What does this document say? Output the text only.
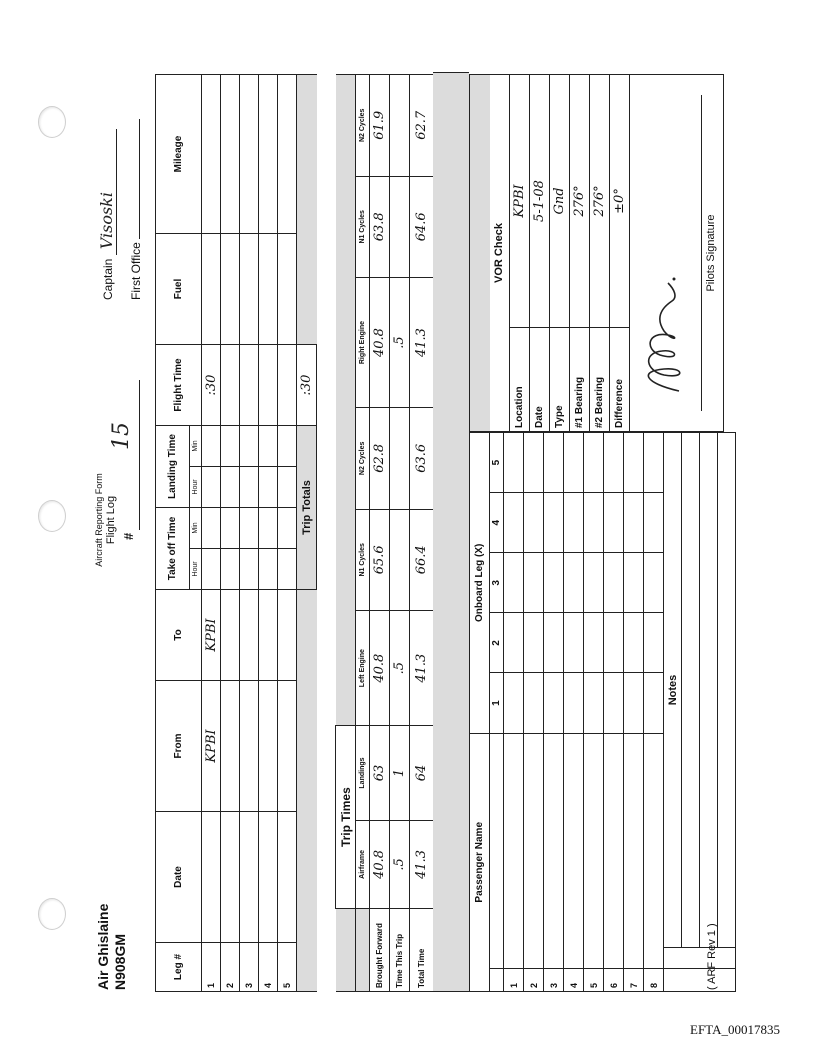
Air Ghislaine N908GM
Aircraft Reporting Form Flight Log #
15
Captain Visoski
First Office
Leg #	Date	From	To	Take off Time		Landing Time		Flight Time	Fuel	Mileage
				Hour	Min	Hour	Min			
1		KPBI	KPBI					:30		
2										
3										
4										
5										
				Trip Totals				:30		
	Trip Times							
	Airframe	Landings	Left Engine	N1 Cycles	N2 Cycles	Right Engine	N1 Cycles	N2 Cycles
Brought Forward	40.8	63	40.8	65.6	62.8	40.8	63.8	61.9
Time This Trip	.5	1	.5			.5		
Total Time	41.3	64	41.3	66.4	63.6	41.3	64.6	62.7
Passenger Name		Onboard Leg (X)				
		1	2	3	4	5
1						
2						
3						
4						
5						
6						
7						
8						
		Notes

VOR Check	
Location	KPBI
Date	5-1-08
Type	Gnd
#1 Bearing	276°
#2 Bearing	276°
Difference	±0°

Pilots Signature	
( ARF Rev 1 )
EFTA_00017835
